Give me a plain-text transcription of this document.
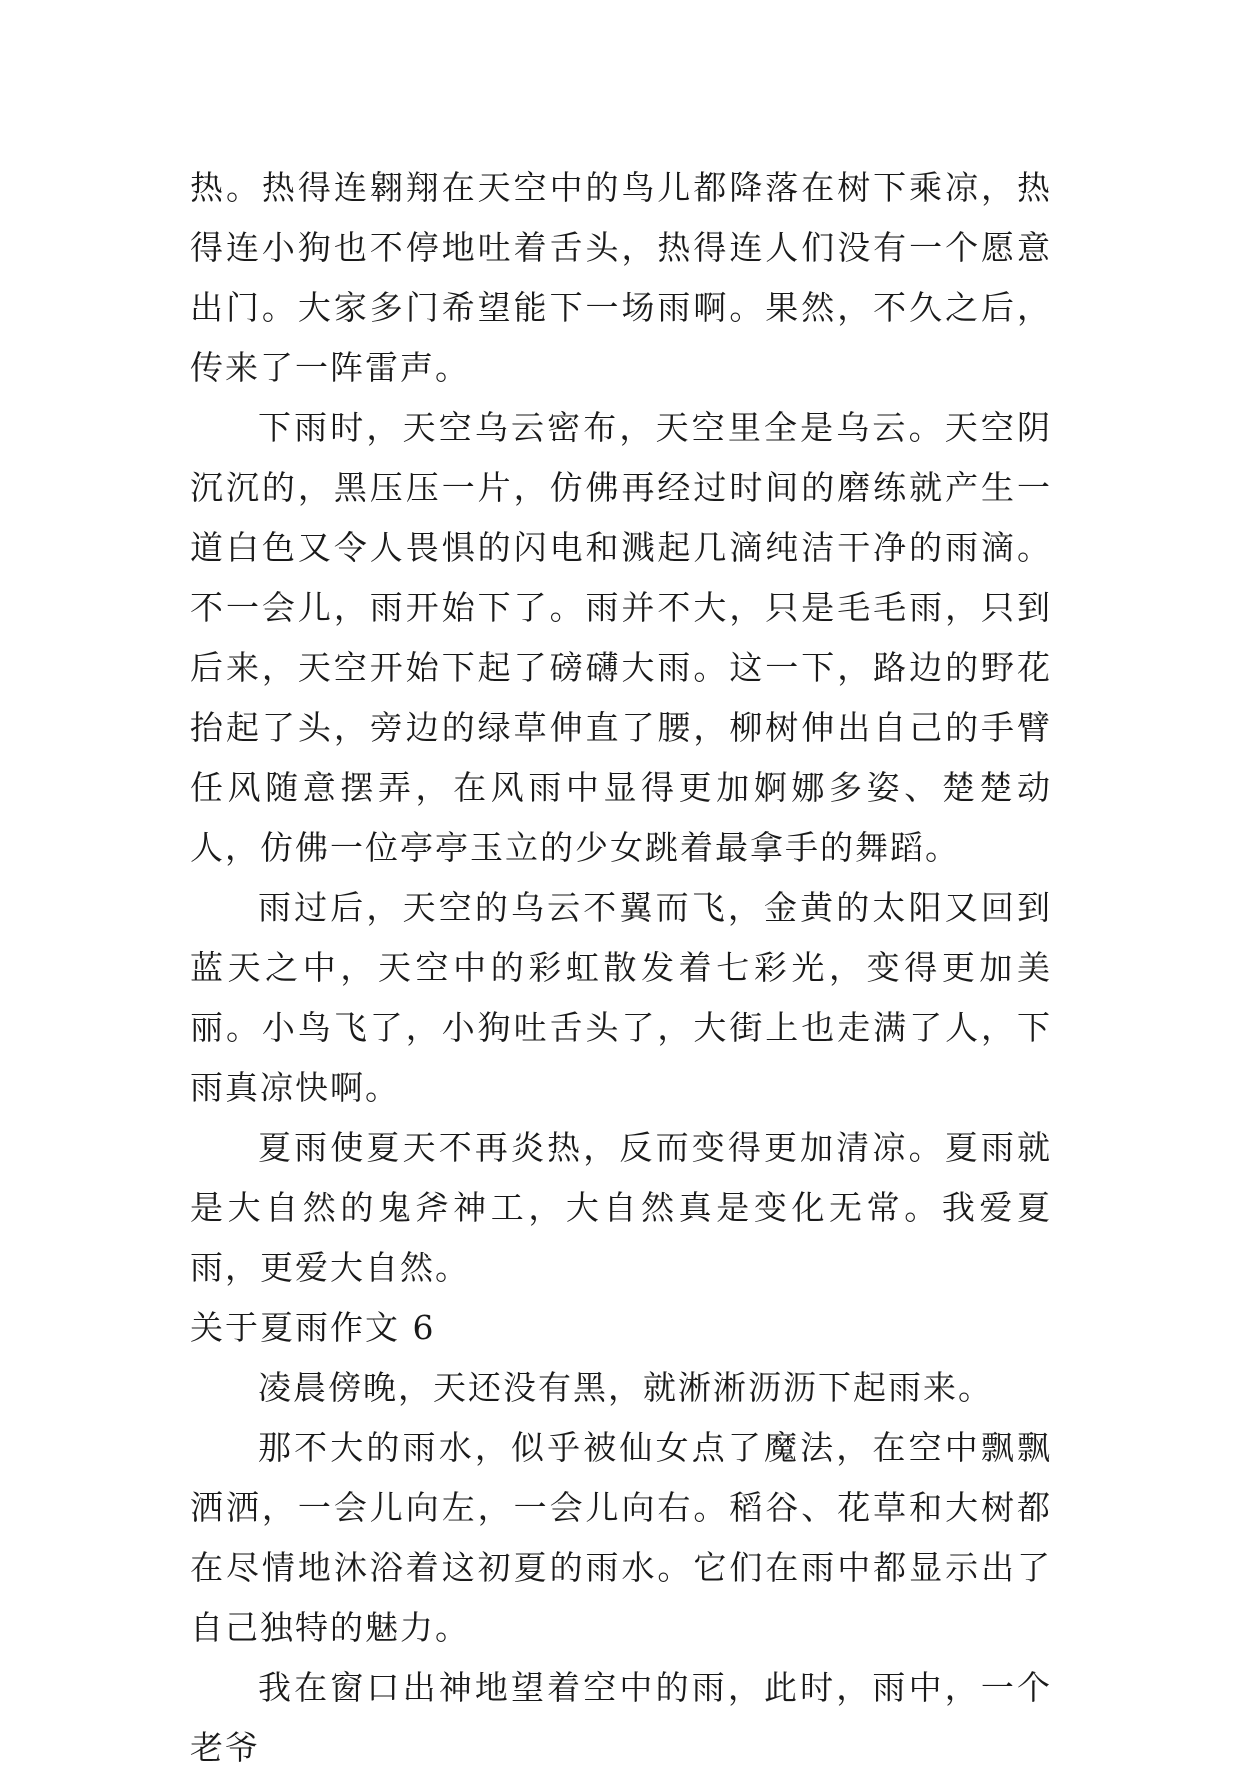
热。热得连翱翔在天空中的鸟儿都降落在树下乘凉，热得连小狗也不停地吐着舌头，热得连人们没有一个愿意出门。大家多门希望能下一场雨啊。果然，不久之后，传来了一阵雷声。

下雨时，天空乌云密布，天空里全是乌云。天空阴沉沉的，黑压压一片，仿佛再经过时间的磨练就产生一道白色又令人畏惧的闪电和溅起几滴纯洁干净的雨滴。不一会儿，雨开始下了。雨并不大，只是毛毛雨，只到后来，天空开始下起了磅礴大雨。这一下，路边的野花抬起了头，旁边的绿草伸直了腰，柳树伸出自己的手臂任风随意摆弄，在风雨中显得更加婀娜多姿、楚楚动人，仿佛一位亭亭玉立的少女跳着最拿手的舞蹈。

雨过后，天空的乌云不翼而飞，金黄的太阳又回到蓝天之中，天空中的彩虹散发着七彩光，变得更加美丽。小鸟飞了，小狗吐舌头了，大街上也走满了人，下雨真凉快啊。

夏雨使夏天不再炎热，反而变得更加清凉。夏雨就是大自然的鬼斧神工，大自然真是变化无常。我爱夏雨，更爱大自然。

关于夏雨作文 6

凌晨傍晚，天还没有黑，就淅淅沥沥下起雨来。

那不大的雨水，似乎被仙女点了魔法，在空中飘飘洒洒，一会儿向左，一会儿向右。稻谷、花草和大树都在尽情地沐浴着这初夏的雨水。它们在雨中都显示出了自己独特的魅力。

我在窗口出神地望着空中的雨，此时，雨中，一个老爷
